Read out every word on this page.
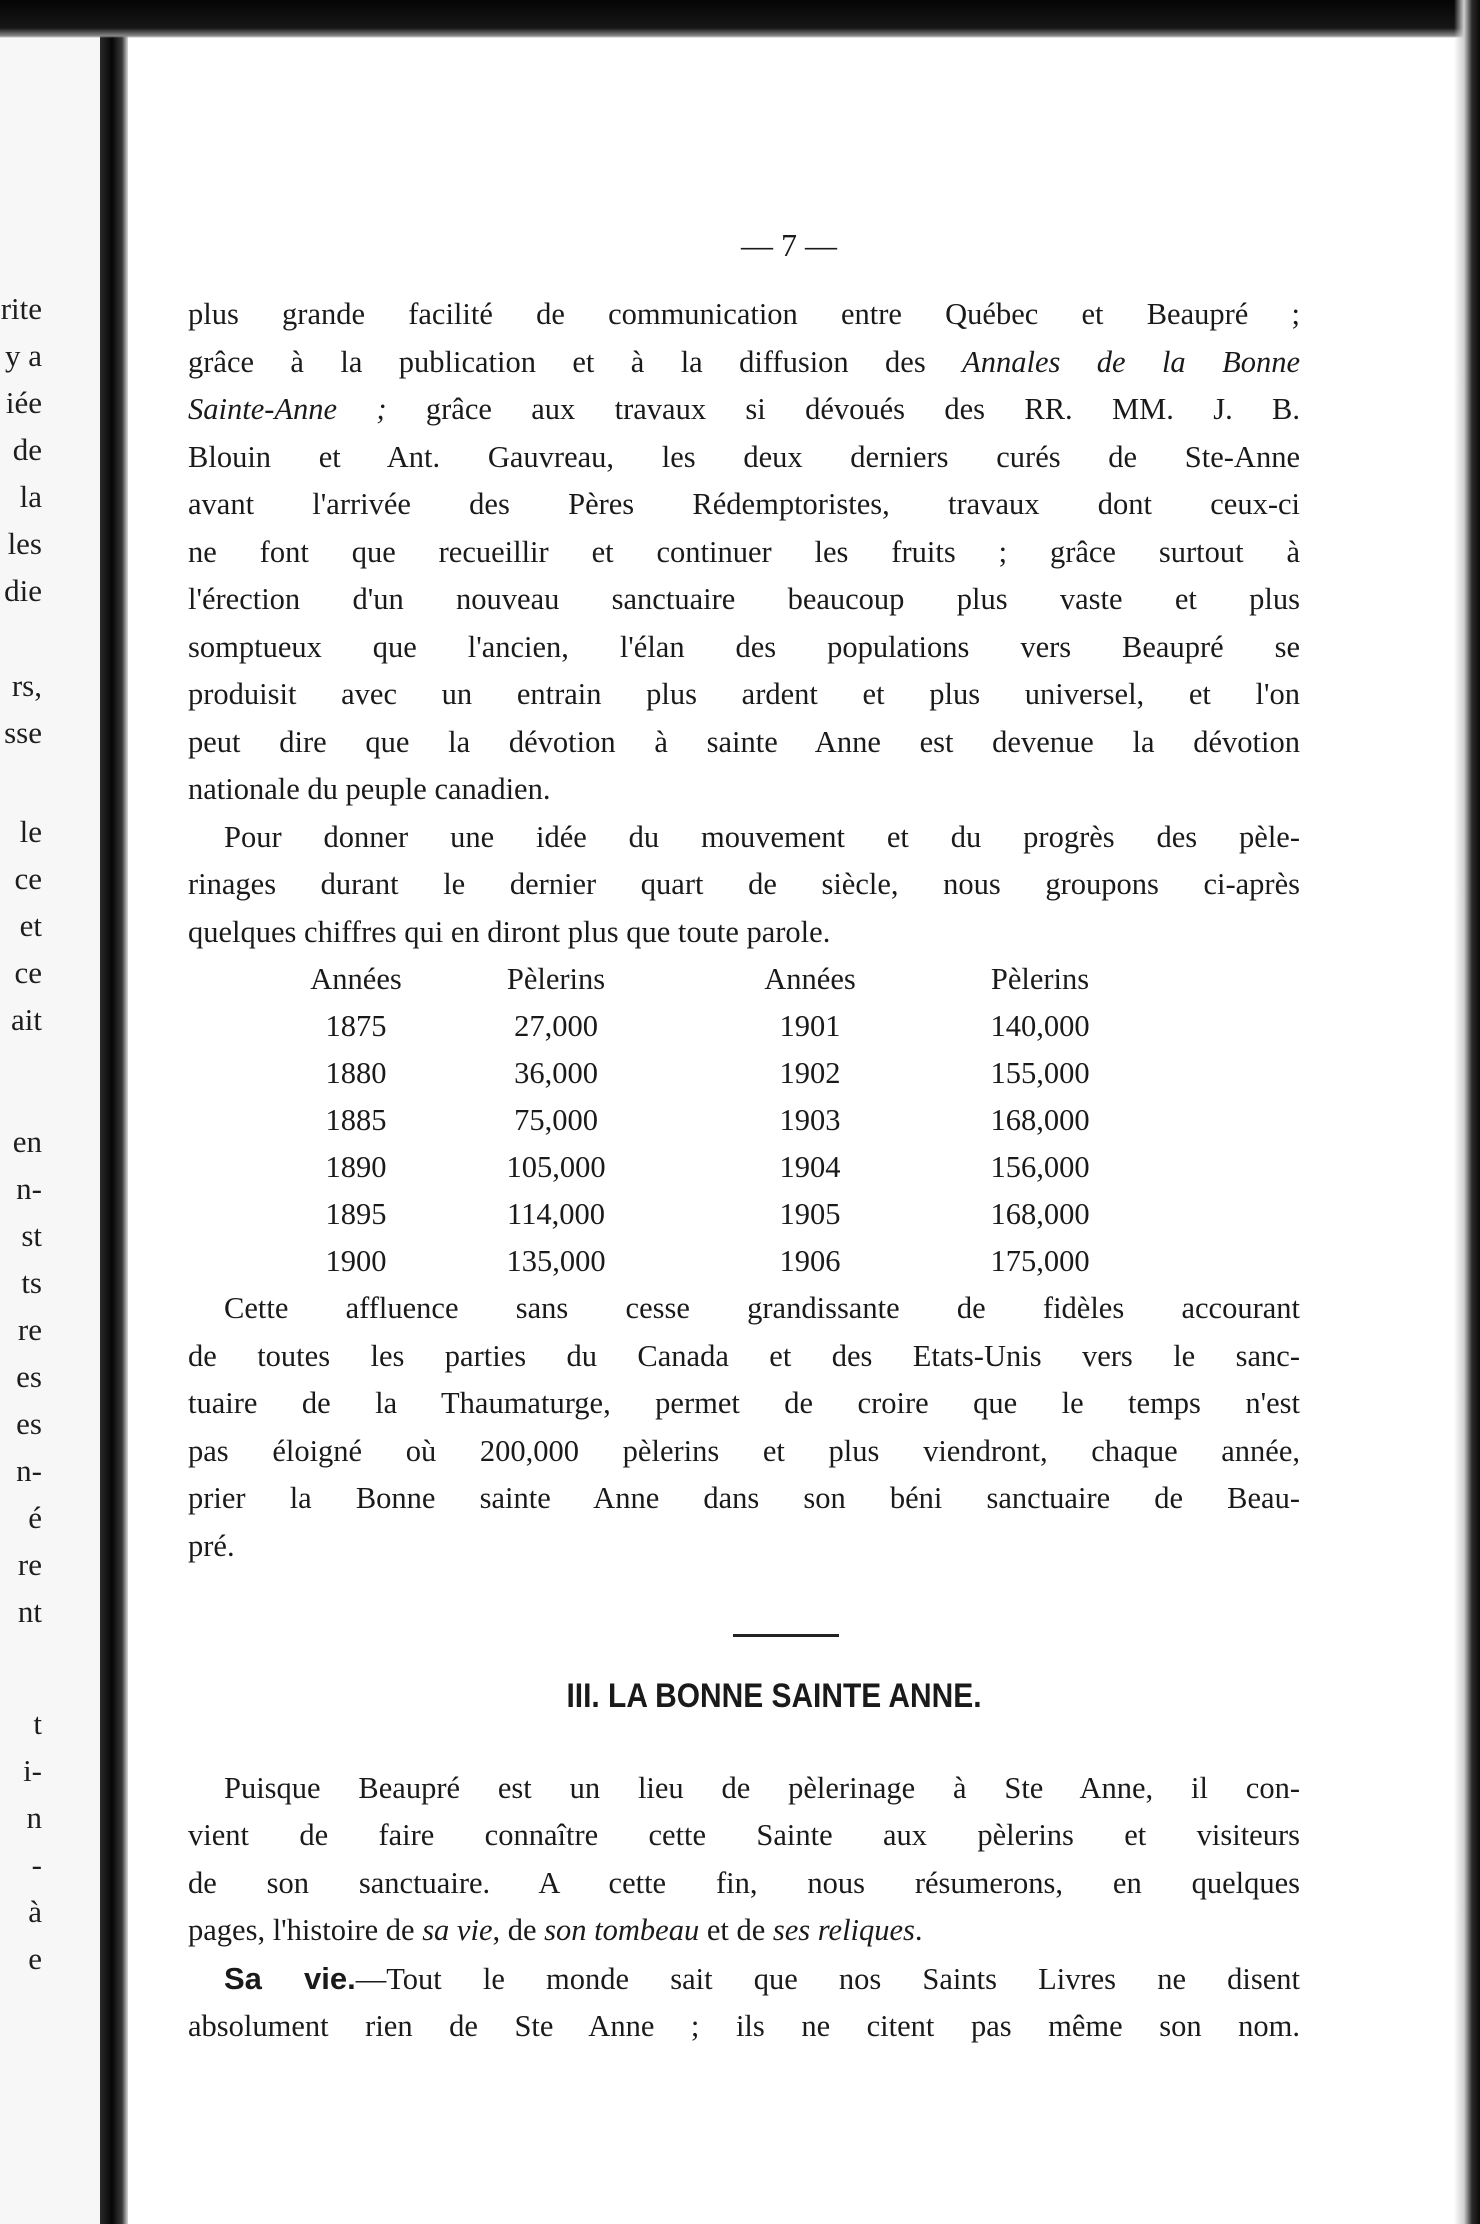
rite
y a
iée
de
la
les
die
rs,
sse
le
ce
et
ce
ait
en
n-
st
ts
re
es
es
n-
é
re
nt
t
i-
n
-
à
e
— 7 —

plus grande facilité de communication entre Québec et Beaupré ;

grâce à la publication et à la diffusion des Annales de la Bonne

Sainte-Anne ; grâce aux travaux si dévoués des RR. MM. J. B.

Blouin et Ant. Gauvreau, les deux derniers curés de Ste-Anne

avant l'arrivée des Pères Rédemptoristes, travaux dont ceux-ci

ne font que recueillir et continuer les fruits ; grâce surtout à

l'érection d'un nouveau sanctuaire beaucoup plus vaste et plus

somptueux que l'ancien, l'élan des populations vers Beaupré se

produisit avec un entrain plus ardent et plus universel, et l'on

peut dire que la dévotion à sainte Anne est devenue la dévotion

nationale du peuple canadien.

Pour donner une idée du mouvement et du progrès des pèle-

rinages durant le dernier quart de siècle, nous groupons ci-après

quelques chiffres qui en diront plus que toute parole.

Années	Pèlerins	Années	Pèlerins
1875	27,000	1901	140,000
1880	36,000	1902	155,000
1885	75,000	1903	168,000
1890	105,000	1904	156,000
1895	114,000	1905	168,000
1900	135,000	1906	175,000

Cette affluence sans cesse grandissante de fidèles accourant

de toutes les parties du Canada et des Etats-Unis vers le sanc-

tuaire de la Thaumaturge, permet de croire que le temps n'est

pas éloigné où 200,000 pèlerins et plus viendront, chaque année,

prier la Bonne sainte Anne dans son béni sanctuaire de Beau-

pré.

III. LA BONNE SAINTE ANNE.

Puisque Beaupré est un lieu de pèlerinage à Ste Anne, il con-

vient de faire connaître cette Sainte aux pèlerins et visiteurs

de son sanctuaire. A cette fin, nous résumerons, en quelques

pages, l'histoire de sa vie, de son tombeau et de ses reliques.

Sa vie.—Tout le monde sait que nos Saints Livres ne disent

absolument rien de Ste Anne ; ils ne citent pas même son nom.
